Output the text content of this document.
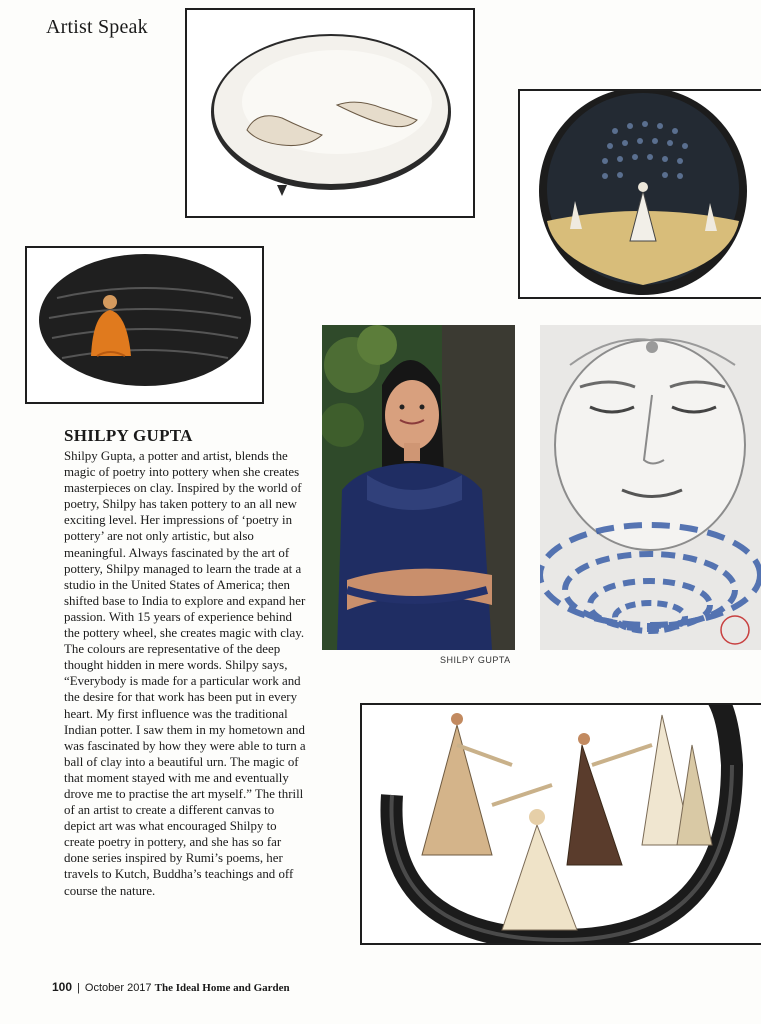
Artist Speak
SHILPY GUPTA
SHILPY GUPTA
Shilpy Gupta, a potter and artist, blends the magic of poetry into pottery when she creates masterpieces on clay. Inspired by the world of poetry, Shilpy has taken pottery to an all new exciting level. Her impressions of ‘poetry in pottery’ are not only artistic, but also meaningful. Always fascinated by the art of pottery, Shilpy managed to learn the trade at a studio in the United States of America; then shifted base to India to explore and expand her passion. With 15 years of experience behind the pottery wheel, she creates magic with clay. The colours are representative of the deep thought hidden in mere words. Shilpy says, “Everybody is made for a particular work and the desire for that work has been put in every heart. My first influence was the traditional Indian potter. I saw them in my hometown and was fascinated by how they were able to turn a ball of clay into a beautiful urn. The magic of that moment stayed with me and eventually drove me to practise the art myself.” The thrill of an artist to create a different canvas to depict art was what encouraged Shilpy to create poetry in pottery, and she has so far done series inspired by Rumi’s poems, her travels to Kutch, Buddha’s teachings and off course the nature.
100 | October 2017 The Ideal Home and Garden
